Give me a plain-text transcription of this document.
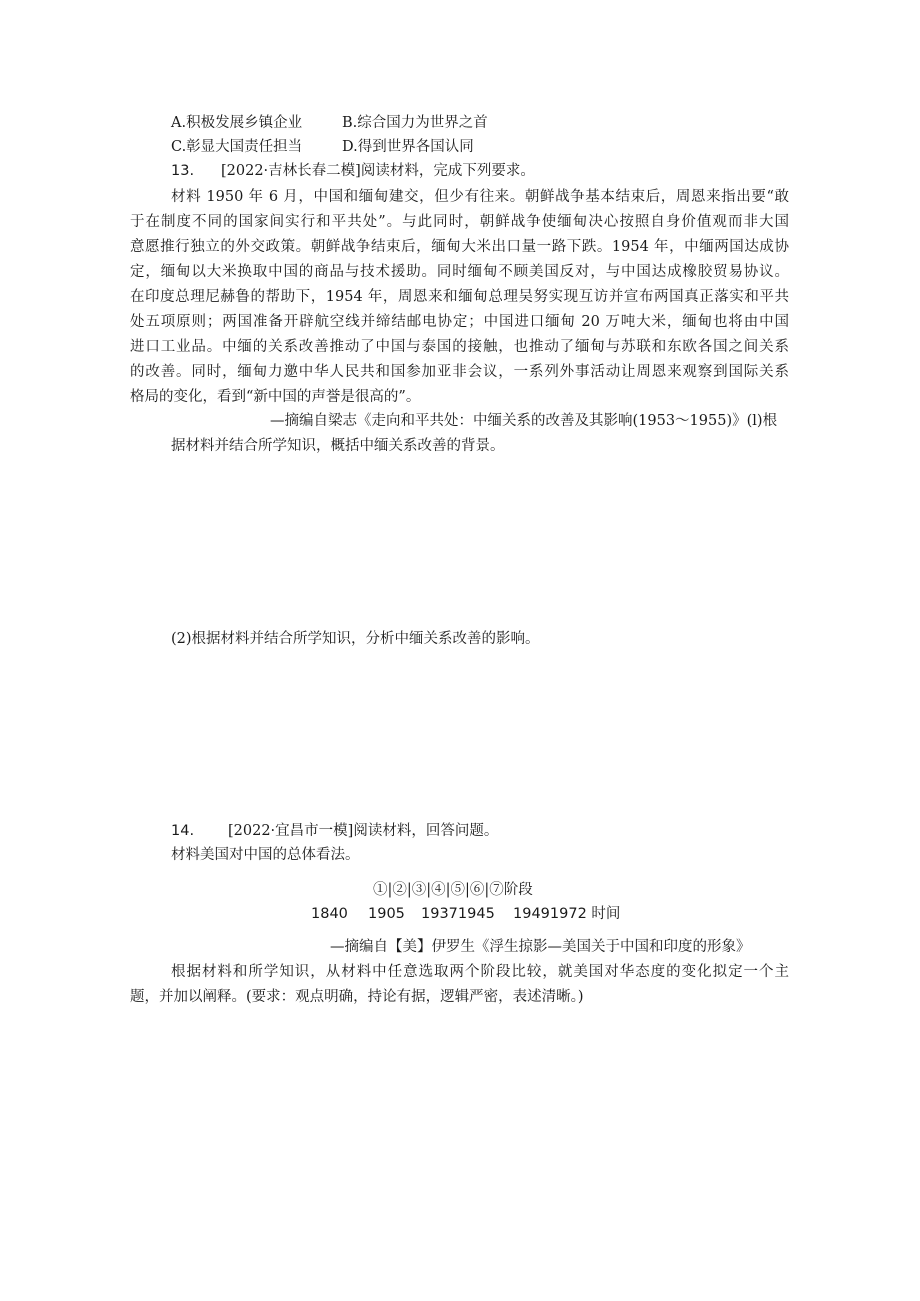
A.积极发展乡镇企业	B.综合国力为世界之首
C.彰显大国责任担当	D.得到世界各国认同
13. [2022·吉林长春二模]阅读材料，完成下列要求。
材料 1950 年 6 月，中国和缅甸建交，但少有往来。朝鲜战争基本结束后，周恩来指出要“敢
于在制度不同的国家间实行和平共处”。与此同时，朝鲜战争使缅甸决心按照自身价值观而非大国
意愿推行独立的外交政策。朝鲜战争结束后，缅甸大米出口量一路下跌。1954 年，中缅两国达成协
定，缅甸以大米换取中国的商品与技术援助。同时缅甸不顾美国反对，与中国达成橡胶贸易协议。
在印度总理尼赫鲁的帮助下，1954 年，周恩来和缅甸总理吴努实现互访并宣布两国真正落实和平共
处五项原则；两国准备开辟航空线并缔结邮电协定；中国进口缅甸 20 万吨大米，缅甸也将由中国
进口工业品。中缅的关系改善推动了中国与泰国的接触，也推动了缅甸与苏联和东欧各国之间关系
的改善。同时，缅甸力邀中华人民共和国参加亚非会议，一系列外事活动让周恩来观察到国际关系
格局的变化，看到“新中国的声誉是很高的”。
—摘编自梁志《走向和平共处：中缅关系的改善及其影响(1953～1955)》(l)根
据材料并结合所学知识，概括中缅关系改善的背景。
(2)根据材料并结合所学知识，分析中缅关系改善的影响。
14. [2022·宜昌市一模]阅读材料，回答问题。
材料美国对中国的总体看法。
①|②|③|④|⑤|⑥|⑦阶段
1840 1905 19371945 19491972 时间
—摘编自【美】伊罗生《浮生掠影—美国关于中国和印度的形象》
根据材料和所学知识，从材料中任意选取两个阶段比较，就美国对华态度的变化拟定一个主
题，并加以阐释。(要求：观点明确，持论有据，逻辑严密，表述清晰。)
